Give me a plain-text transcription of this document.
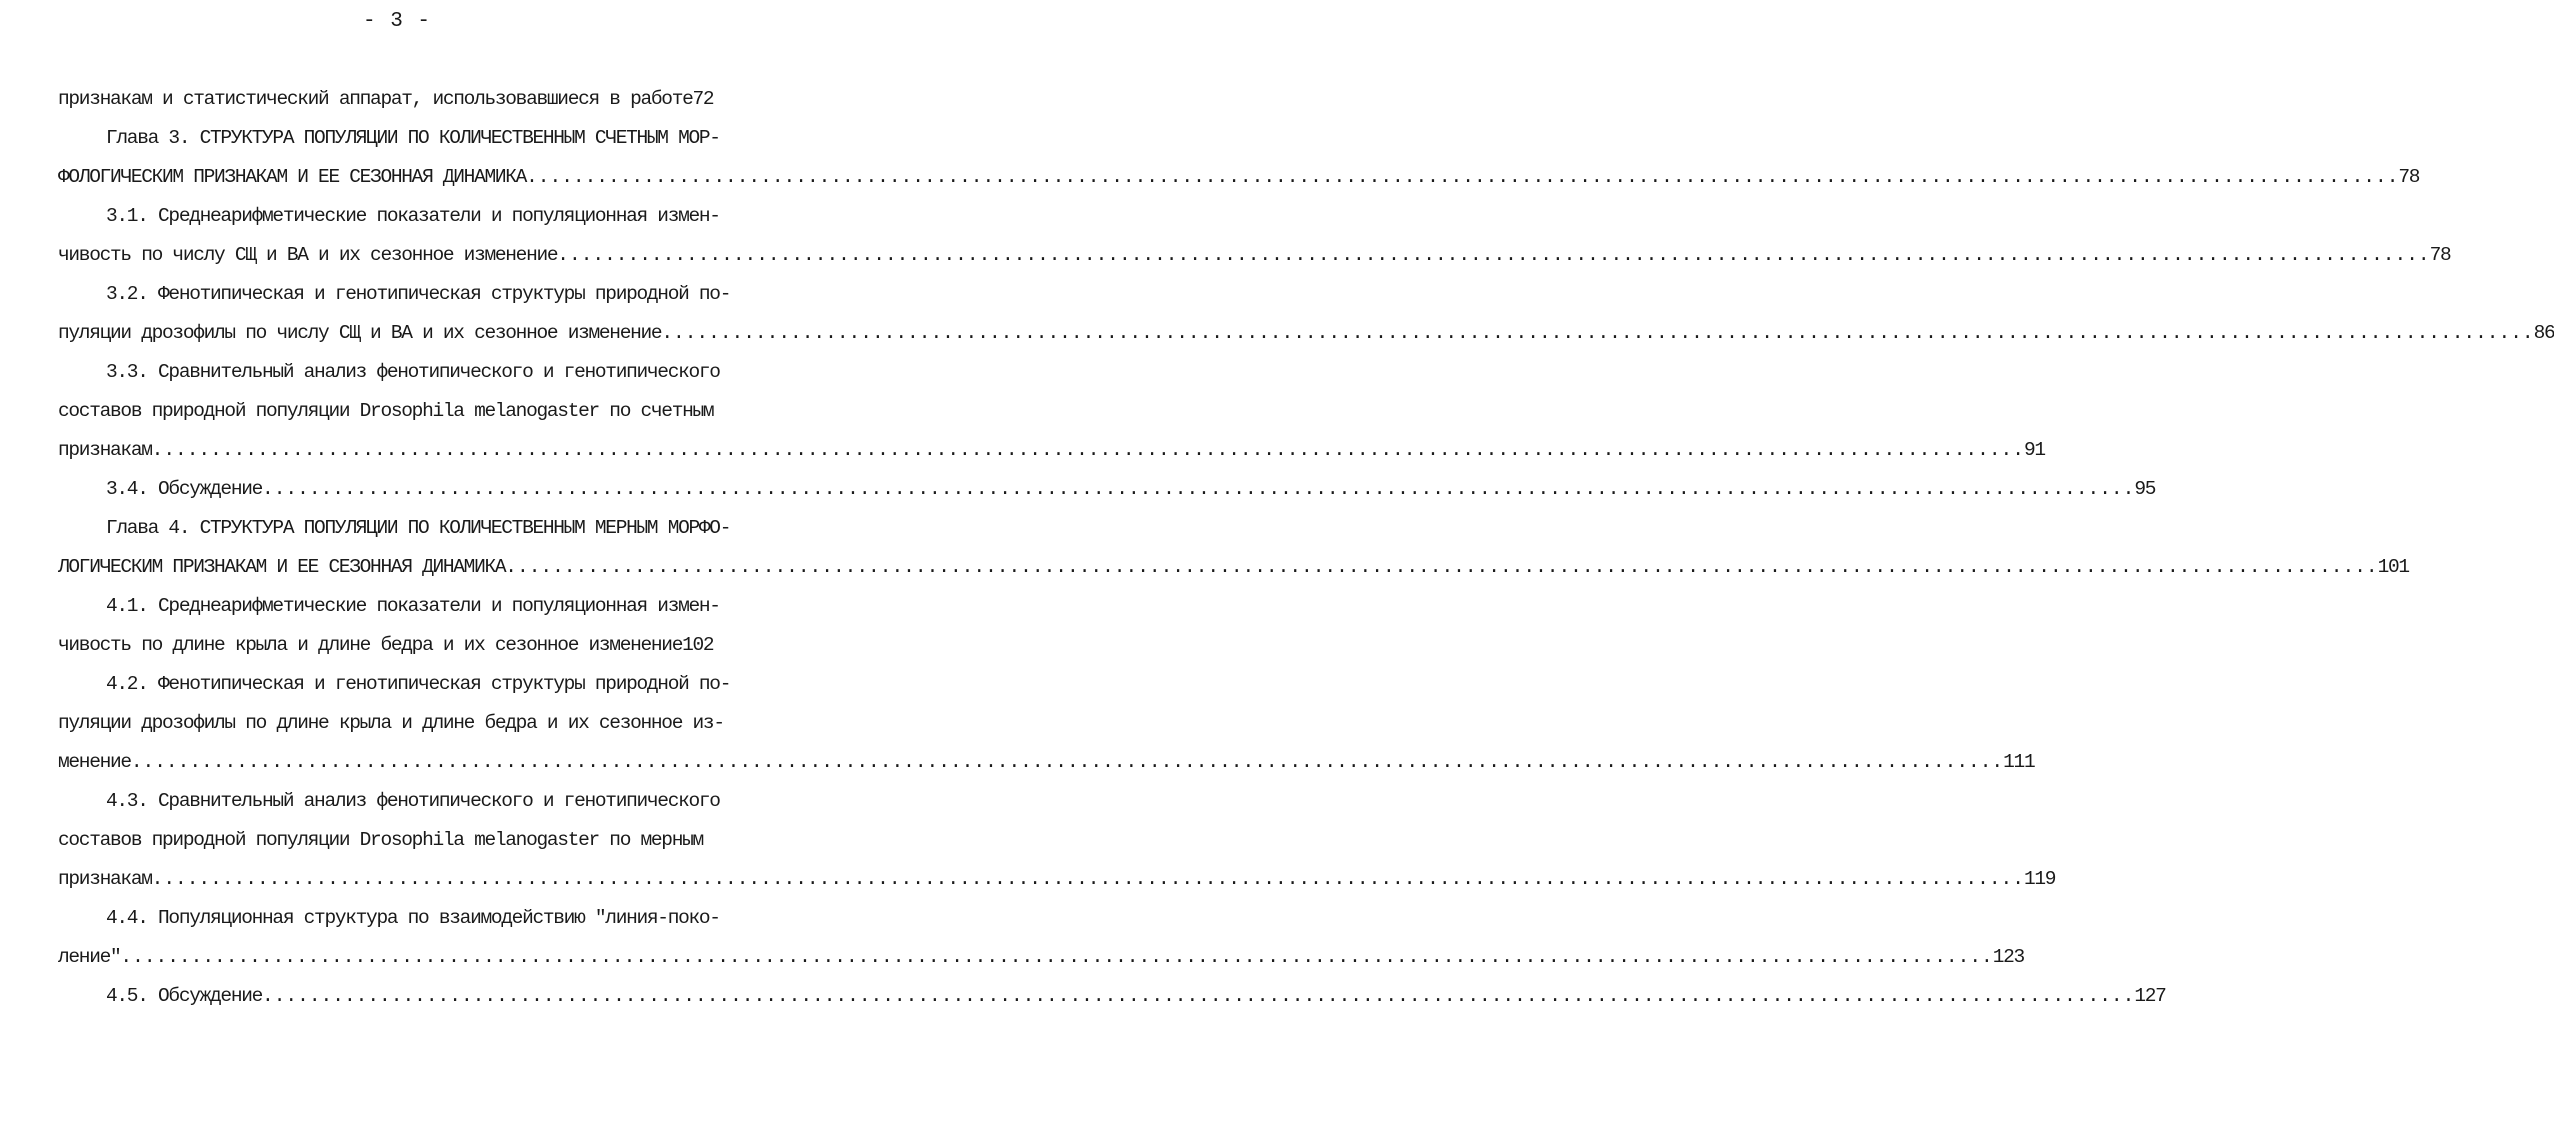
- 3 -
признакам и статистический аппарат, использовавшиеся в работе 72
Глава 3. СТРУКТУРА ПОПУЛЯЦИИ ПО КОЛИЧЕСТВЕННЫМ СЧЕТНЫМ МОР-
ФОЛОГИЧЕСКИМ ПРИЗНАКАМ И ЕЕ СЕЗОННАЯ ДИНАМИКА .....	78
3.1. Среднеарифметические показатели и популяционная измен-
чивость по числу СЩ и ВА и их сезонное изменение .....	78
3.2. Фенотипическая и генотипическая структуры природной по-
пуляции дрозофилы по числу СЩ и ВА и их сезонное изменение .....	86
3.3. Сравнительный анализ фенотипического и генотипического
составов природной популяции Drosophila melanogaster по счетным
признакам .....	91
3.4. Обсуждение .....	95
Глава 4. СТРУКТУРА ПОПУЛЯЦИИ ПО КОЛИЧЕСТВЕННЫМ МЕРНЫМ МОРФО-
ЛОГИЧЕСКИМ ПРИЗНАКАМ И ЕЕ СЕЗОННАЯ ДИНАМИКА .....	101
4.1. Среднеарифметические показатели и популяционная измен-
чивость по длине крыла и длине бедра и их сезонное изменение 102
4.2. Фенотипическая и генотипическая структуры природной по-
пуляции дрозофилы по длине крыла и длине бедра и их сезонное из-
менение .....	111
4.3. Сравнительный анализ фенотипического и генотипического
составов природной популяции Drosophila melanogaster по мерным
признакам .....	119
4.4. Популяционная структура по взаимодействию "линия-поко-
ление" .....	123
4.5. Обсуждение .....	127
